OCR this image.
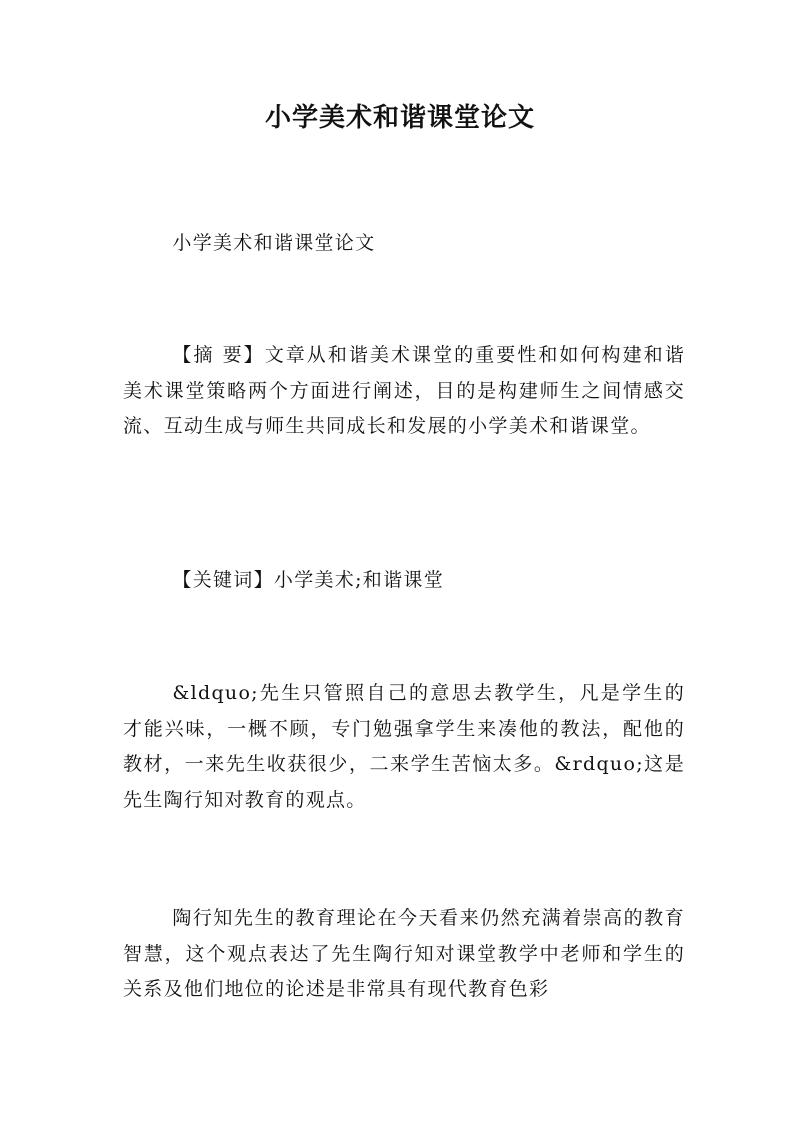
小学美术和谐课堂论文

小学美术和谐课堂论文

【摘 要】文章从和谐美术课堂的重要性和如何构建和谐美术课堂策略两个方面进行阐述，目的是构建师生之间情感交流、互动生成与师生共同成长和发展的小学美术和谐课堂。

【关键词】小学美术;和谐课堂

&ldquo;先生只管照自己的意思去教学生，凡是学生的才能兴味，一概不顾，专门勉强拿学生来凑他的教法，配他的教材，一来先生收获很少，二来学生苦恼太多。&rdquo;这是先生陶行知对教育的观点。

陶行知先生的教育理论在今天看来仍然充满着崇高的教育智慧，这个观点表达了先生陶行知对课堂教学中老师和学生的关系及他们地位的论述是非常具有现代教育色彩
